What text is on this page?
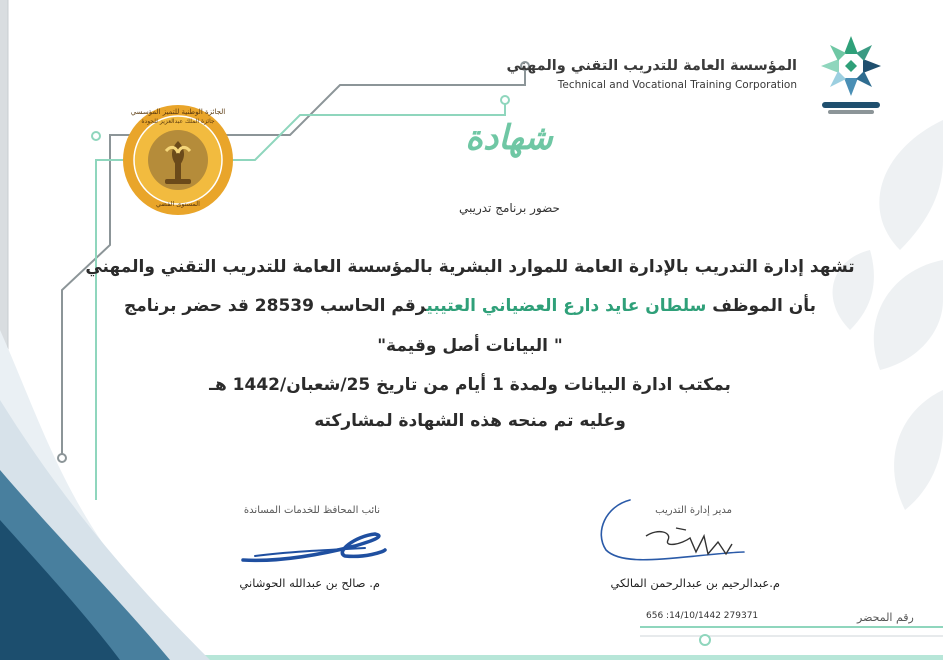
المؤسسة العامة للتدريب التقني والمهني
Technical and Vocational Training Corporation
الجائزة الوطنية للتميز المؤسسي
جائزة الملك عبدالعزيز للجودة
المستوى الفضي
شهادة
حضور برنامج تدريبي
تشهد إدارة التدريب بالإدارة العامة للموارد البشرية بالمؤسسة العامة للتدريب التقني والمهني
بأن الموظف سلطان عايد دارع العضياني العتيبيرقم الحاسب 28539 قد حضر برنامج
" البيانات أصل وقيمة"
بمكتب ادارة البيانات ولمدة 1 أيام من تاريخ 25/شعبان/1442 هـ
وعليه تم منحه هذه الشهادة لمشاركته
نائب المحافظ للخدمات المساندة
م. صالح بن عبدالله الحوشاني
مدير إدارة التدريب
م.عبدالرحيم بن عبدالرحمن المالكي
656 :14/10/1442 279371	رقم المحضر
